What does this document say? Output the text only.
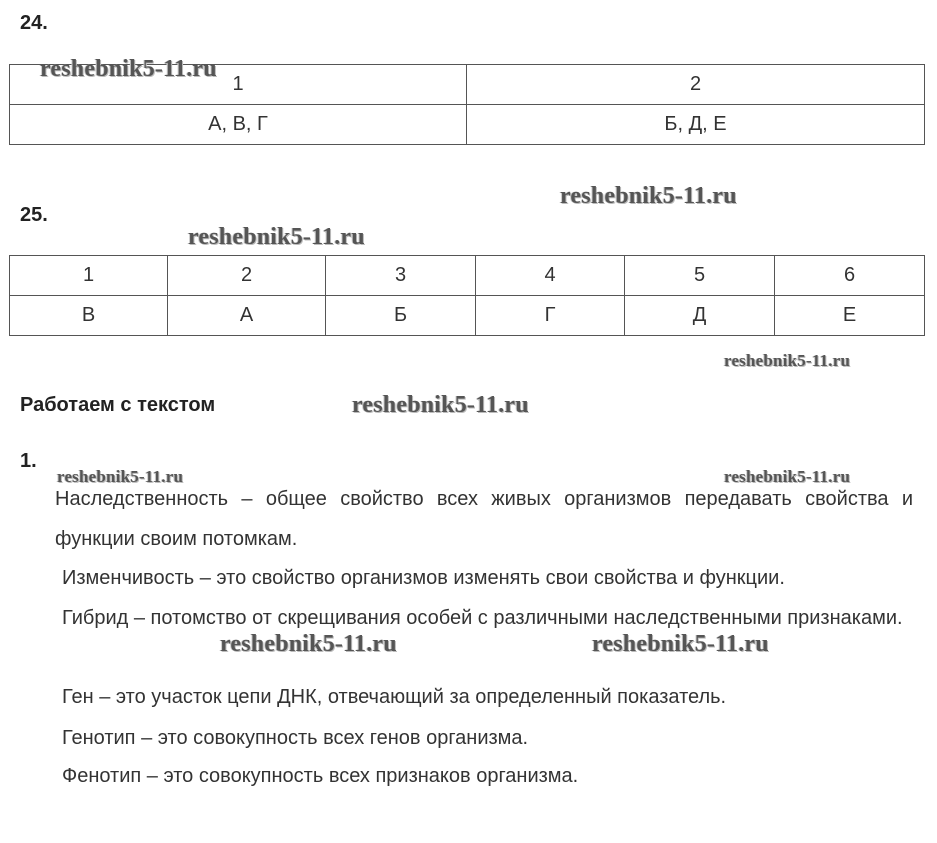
24.
1	2
А, В, Г	Б, Д, Е
25.
1	2	3	4	5	6
В	А	Б	Г	Д	Е
Работаем с текстом
1.
Наследственность – общее свойство всех живых организмов передавать свойства и функции своим потомкам.
Изменчивость – это свойство организмов изменять свои свойства и функции.
Гибрид – потомство от скрещивания особей с различными наследственными признаками.
Ген – это участок цепи ДНК, отвечающий за определенный показатель.
Генотип – это совокупность всех генов организма.
Фенотип – это совокупность всех признаков организма.
reshebnik5-11.ru
reshebnik5-11.ru
reshebnik5-11.ru
reshebnik5-11.ru
reshebnik5-11.ru
reshebnik5-11.ru	reshebnik5-11.ru
reshebnik5-11.ru	reshebnik5-11.ru
